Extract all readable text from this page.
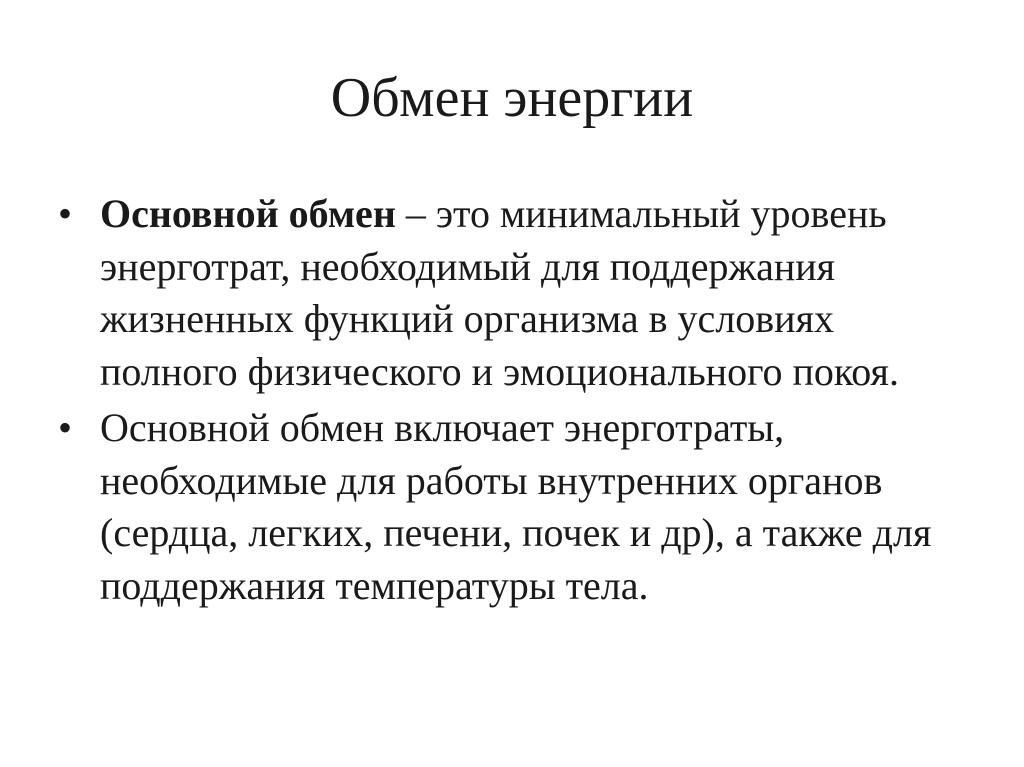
Обмен энергии
• Основной обмен – это минимальный уровень энерготрат, необходимый для поддержания жизненных функций организма в условиях полного физического и эмоционального покоя.
• Основной обмен включает энерготраты, необходимые для работы внутренних органов (сердца, легких, печени, почек и др), а также для поддержания температуры тела.
